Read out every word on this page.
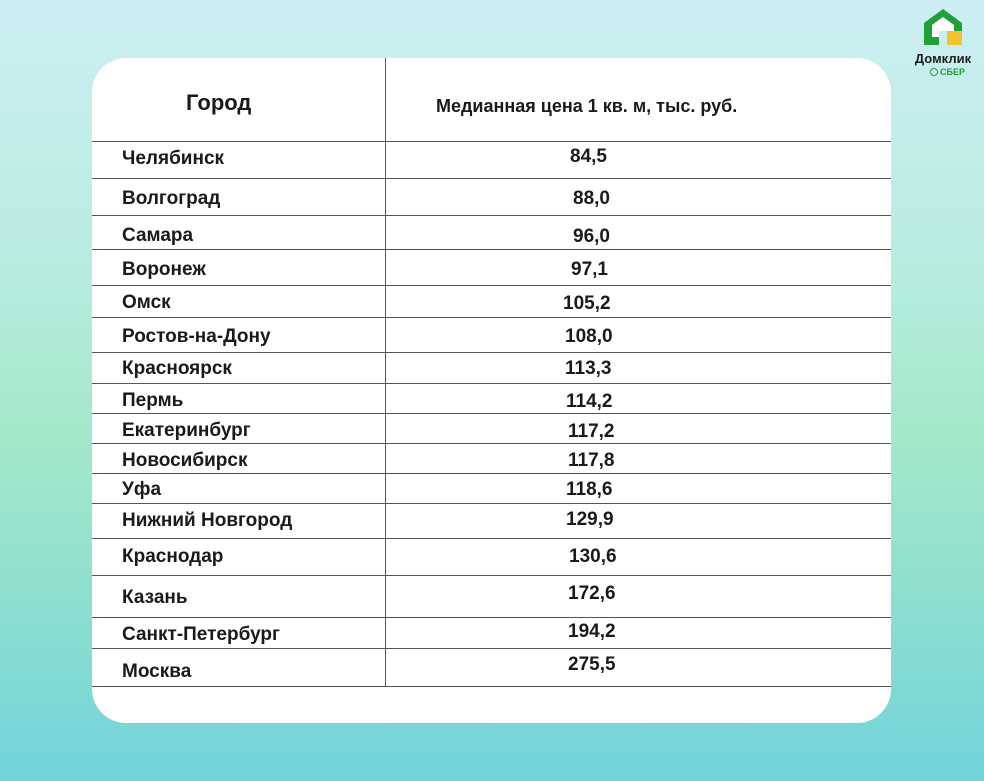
Домклик
СБЕР
Город	Медианная цена 1 кв. м, тыс. руб.
Челябинск	84,5
Волгоград	88,0
Самара	96,0
Воронеж	97,1
Омск	105,2
Ростов-на-Дону	108,0
Красноярск	113,3
Пермь	114,2
Екатеринбург	117,2
Новосибирск	117,8
Уфа	118,6
Нижний Новгород	129,9
Краснодар	130,6
Казань	172,6
Санкт-Петербург	194,2
Москва	275,5
